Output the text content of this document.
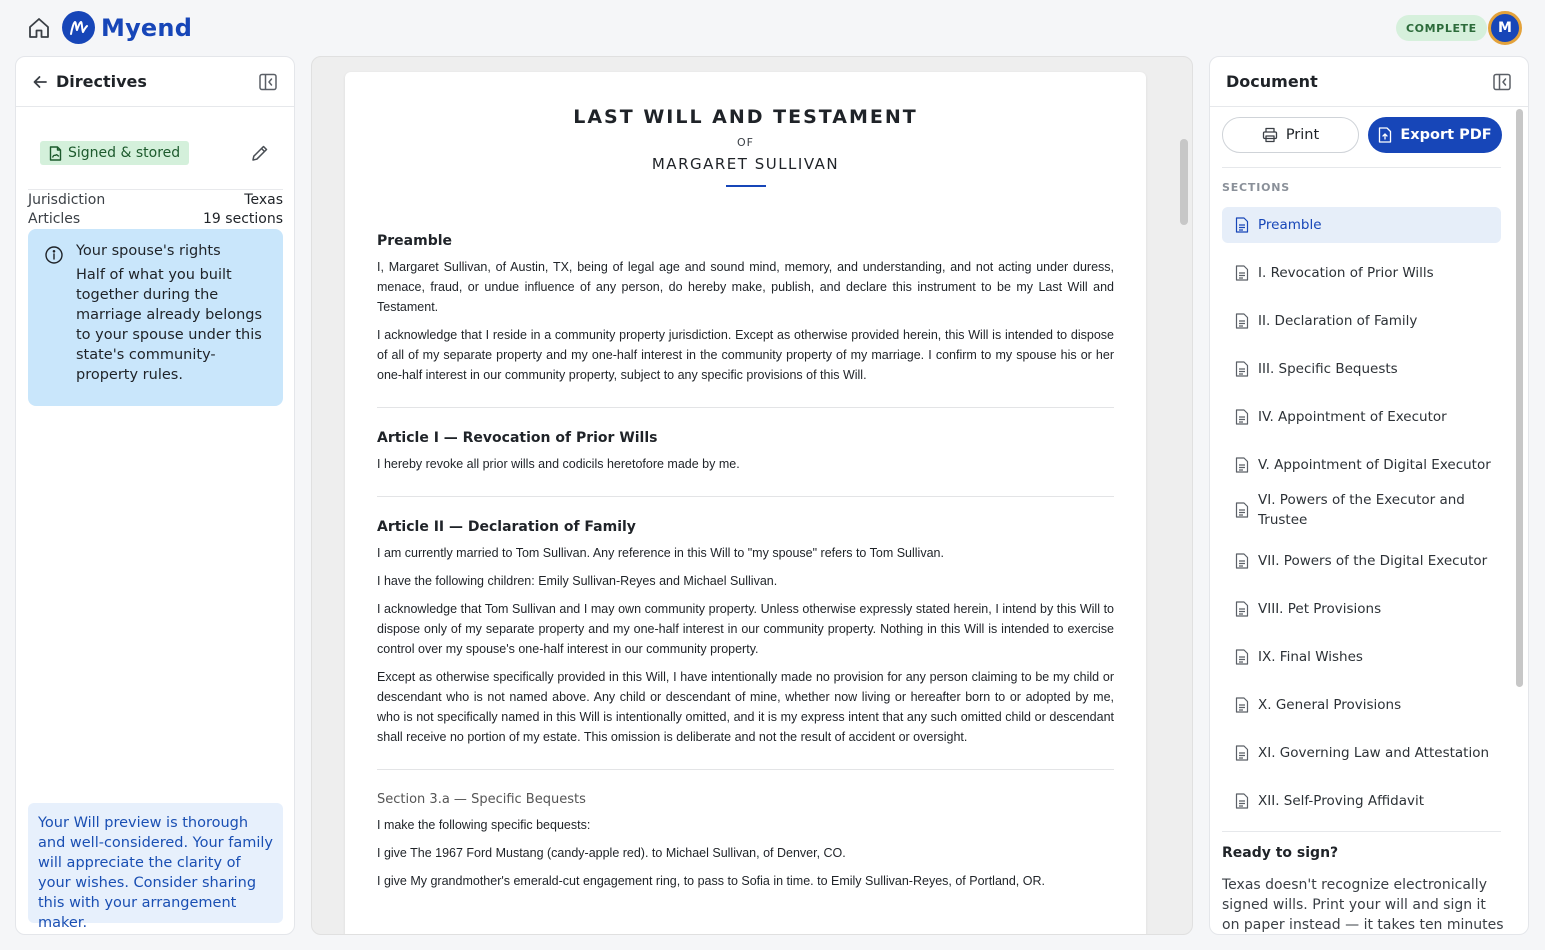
Myend	COMPLETE	M
Directives
Signed & stored
Jurisdiction	Texas
Articles	19 sections
Your spouse's rights
Half of what you built together during the marriage already belongs to your spouse under this state's community-property rules.
Your Will preview is thorough and well-considered. Your family will appreciate the clarity of your wishes. Consider sharing this with your arrangement maker.
LAST WILL AND TESTAMENT
OF
MARGARET SULLIVAN
Preamble
I, Margaret Sullivan, of Austin, TX, being of legal age and sound mind, memory, and understanding, and not acting under duress, menace, fraud, or undue influence of any person, do hereby make, publish, and declare this instrument to be my Last Will and Testament.
I acknowledge that I reside in a community property jurisdiction. Except as otherwise provided herein, this Will is intended to dispose of all of my separate property and my one-half interest in the community property of my marriage. I confirm to my spouse his or her one-half interest in our community property, subject to any specific provisions of this Will.
Article I — Revocation of Prior Wills
I hereby revoke all prior wills and codicils heretofore made by me.
Article II — Declaration of Family
I am currently married to Tom Sullivan. Any reference in this Will to "my spouse" refers to Tom Sullivan.
I have the following children: Emily Sullivan-Reyes and Michael Sullivan.
I acknowledge that Tom Sullivan and I may own community property. Unless otherwise expressly stated herein, I intend by this Will to dispose only of my separate property and my one-half interest in our community property. Nothing in this Will is intended to exercise control over my spouse's one-half interest in our community property.
Except as otherwise specifically provided in this Will, I have intentionally made no provision for any person claiming to be my child or descendant who is not named above. Any child or descendant of mine, whether now living or hereafter born to or adopted by me, who is not specifically named in this Will is intentionally omitted, and it is my express intent that any such omitted child or descendant shall receive no portion of my estate. This omission is deliberate and not the result of accident or oversight.
Section 3.a — Specific Bequests
I make the following specific bequests:
I give The 1967 Ford Mustang (candy-apple red). to Michael Sullivan, of Denver, CO.
I give My grandmother's emerald-cut engagement ring, to pass to Sofia in time. to Emily Sullivan-Reyes, of Portland, OR.
Document
Print	Export PDF
SECTIONS
Preamble
I. Revocation of Prior Wills
II. Declaration of Family
III. Specific Bequests
IV. Appointment of Executor
V. Appointment of Digital Executor
VI. Powers of the Executor and Trustee
VII. Powers of the Digital Executor
VIII. Pet Provisions
IX. Final Wishes
X. General Provisions
XI. Governing Law and Attestation
XII. Self-Proving Affidavit
Ready to sign?
Texas doesn't recognize electronically signed wills. Print your will and sign it on paper instead — it takes ten minutes
